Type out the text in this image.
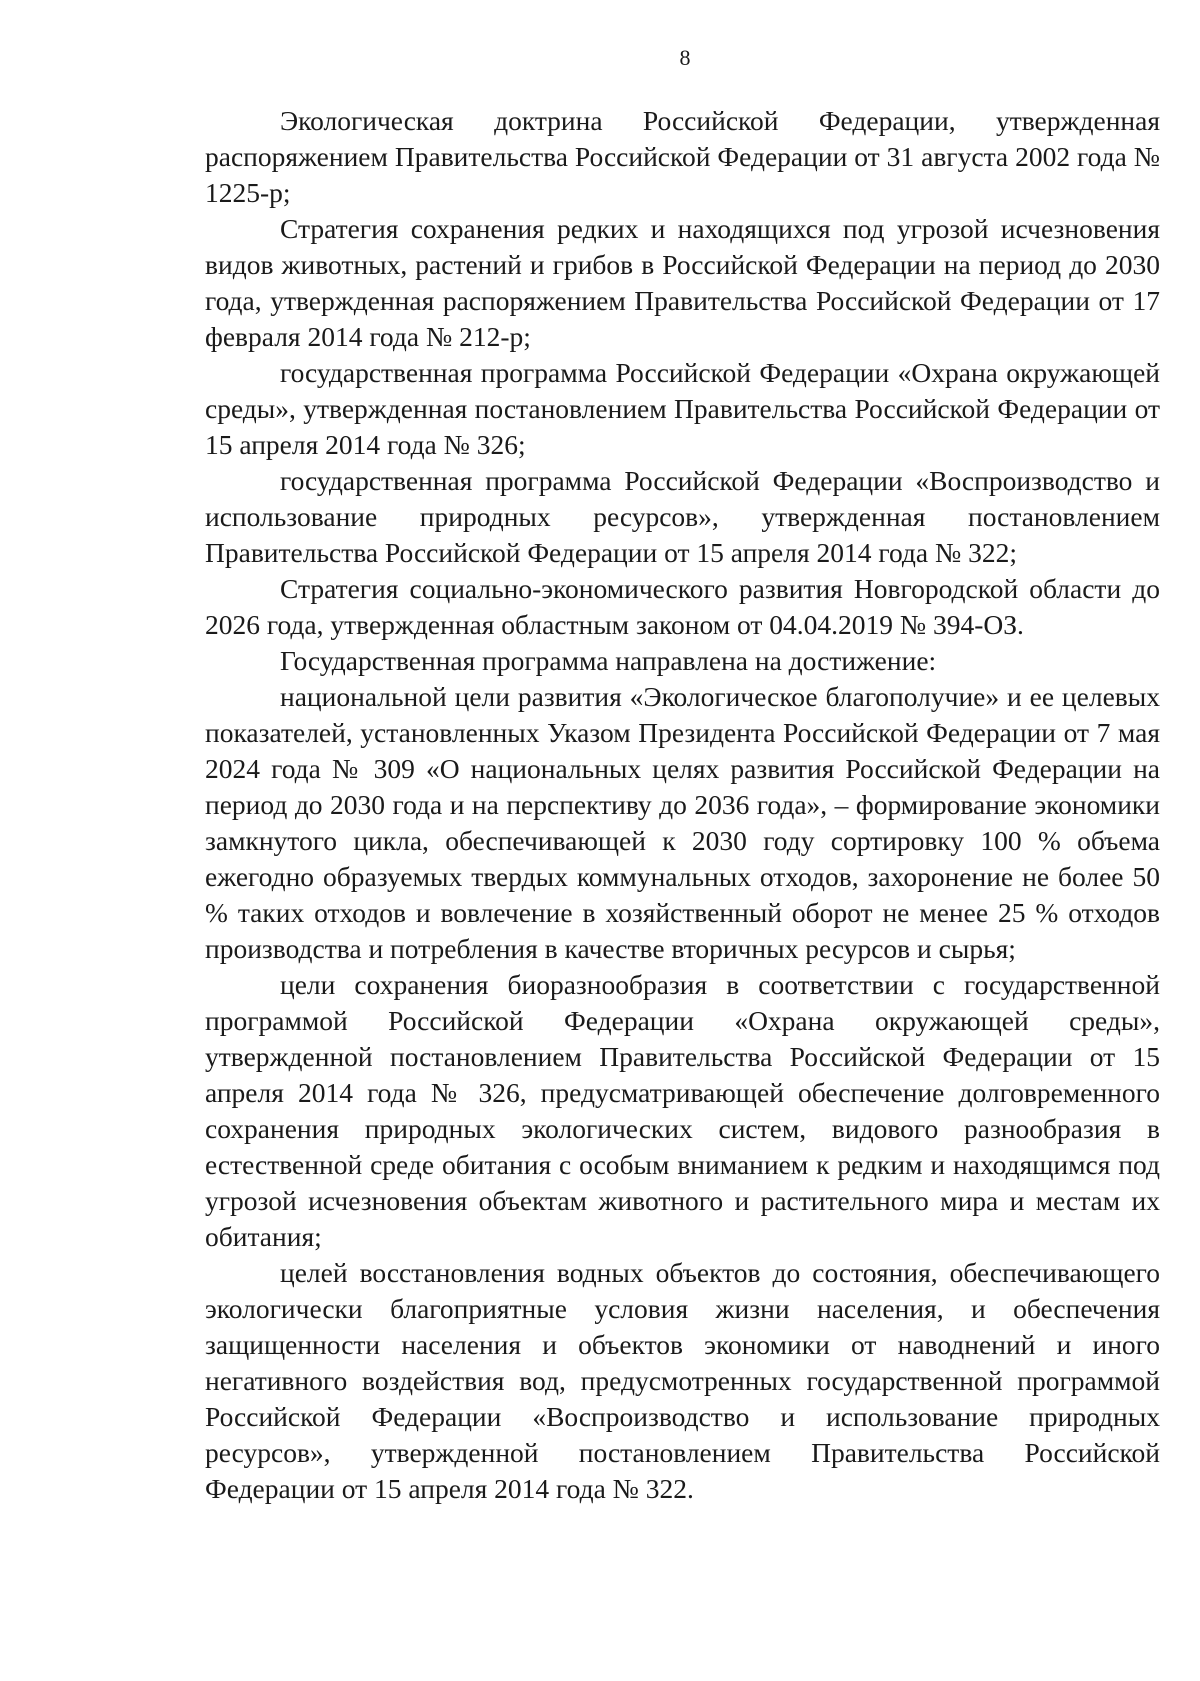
8

Экологическая доктрина Российской Федерации, утвержденная распоряжением Правительства Российской Федерации от 31 августа 2002 года № 1225-р;

Стратегия сохранения редких и находящихся под угрозой исчезновения видов животных, растений и грибов в Российской Федерации на период до 2030 года, утвержденная распоряжением Правительства Российской Федерации от 17 февраля 2014 года № 212-р;

государственная программа Российской Федерации «Охрана окружающей среды», утвержденная постановлением Правительства Российской Федерации от 15 апреля 2014 года № 326;

государственная программа Российской Федерации «Воспроизводство и использование природных ресурсов», утвержденная постановлением Правительства Российской Федерации от 15 апреля 2014 года № 322;

Стратегия социально-экономического развития Новгородской области до 2026 года, утвержденная областным законом от 04.04.2019 № 394-ОЗ.

Государственная программа направлена на достижение:

национальной цели развития «Экологическое благополучие» и ее целевых показателей, установленных Указом Президента Российской Федерации от 7 мая 2024 года № 309 «О национальных целях развития Российской Федерации на период до 2030 года и на перспективу до 2036 года», – формирование экономики замкнутого цикла, обеспечивающей к 2030 году сортировку 100 % объема ежегодно образуемых твердых коммунальных отходов, захоронение не более 50 % таких отходов и вовлечение в хозяйственный оборот не менее 25 % отходов производства и потребления в качестве вторичных ресурсов и сырья;

цели сохранения биоразнообразия в соответствии с государственной программой Российской Федерации «Охрана окружающей среды», утвержденной постановлением Правительства Российской Федерации от 15 апреля 2014 года № 326, предусматривающей обеспечение долговременного сохранения природных экологических систем, видового разнообразия в естественной среде обитания с особым вниманием к редким и находящимся под угрозой исчезновения объектам животного и растительного мира и местам их обитания;

целей восстановления водных объектов до состояния, обеспечивающего экологически благоприятные условия жизни населения, и обеспечения защищенности населения и объектов экономики от наводнений и иного негативного воздействия вод, предусмотренных государственной программой Российской Федерации «Воспроизводство и использование природных ресурсов», утвержденной постановлением Правительства Российской Федерации от 15 апреля 2014 года № 322.
